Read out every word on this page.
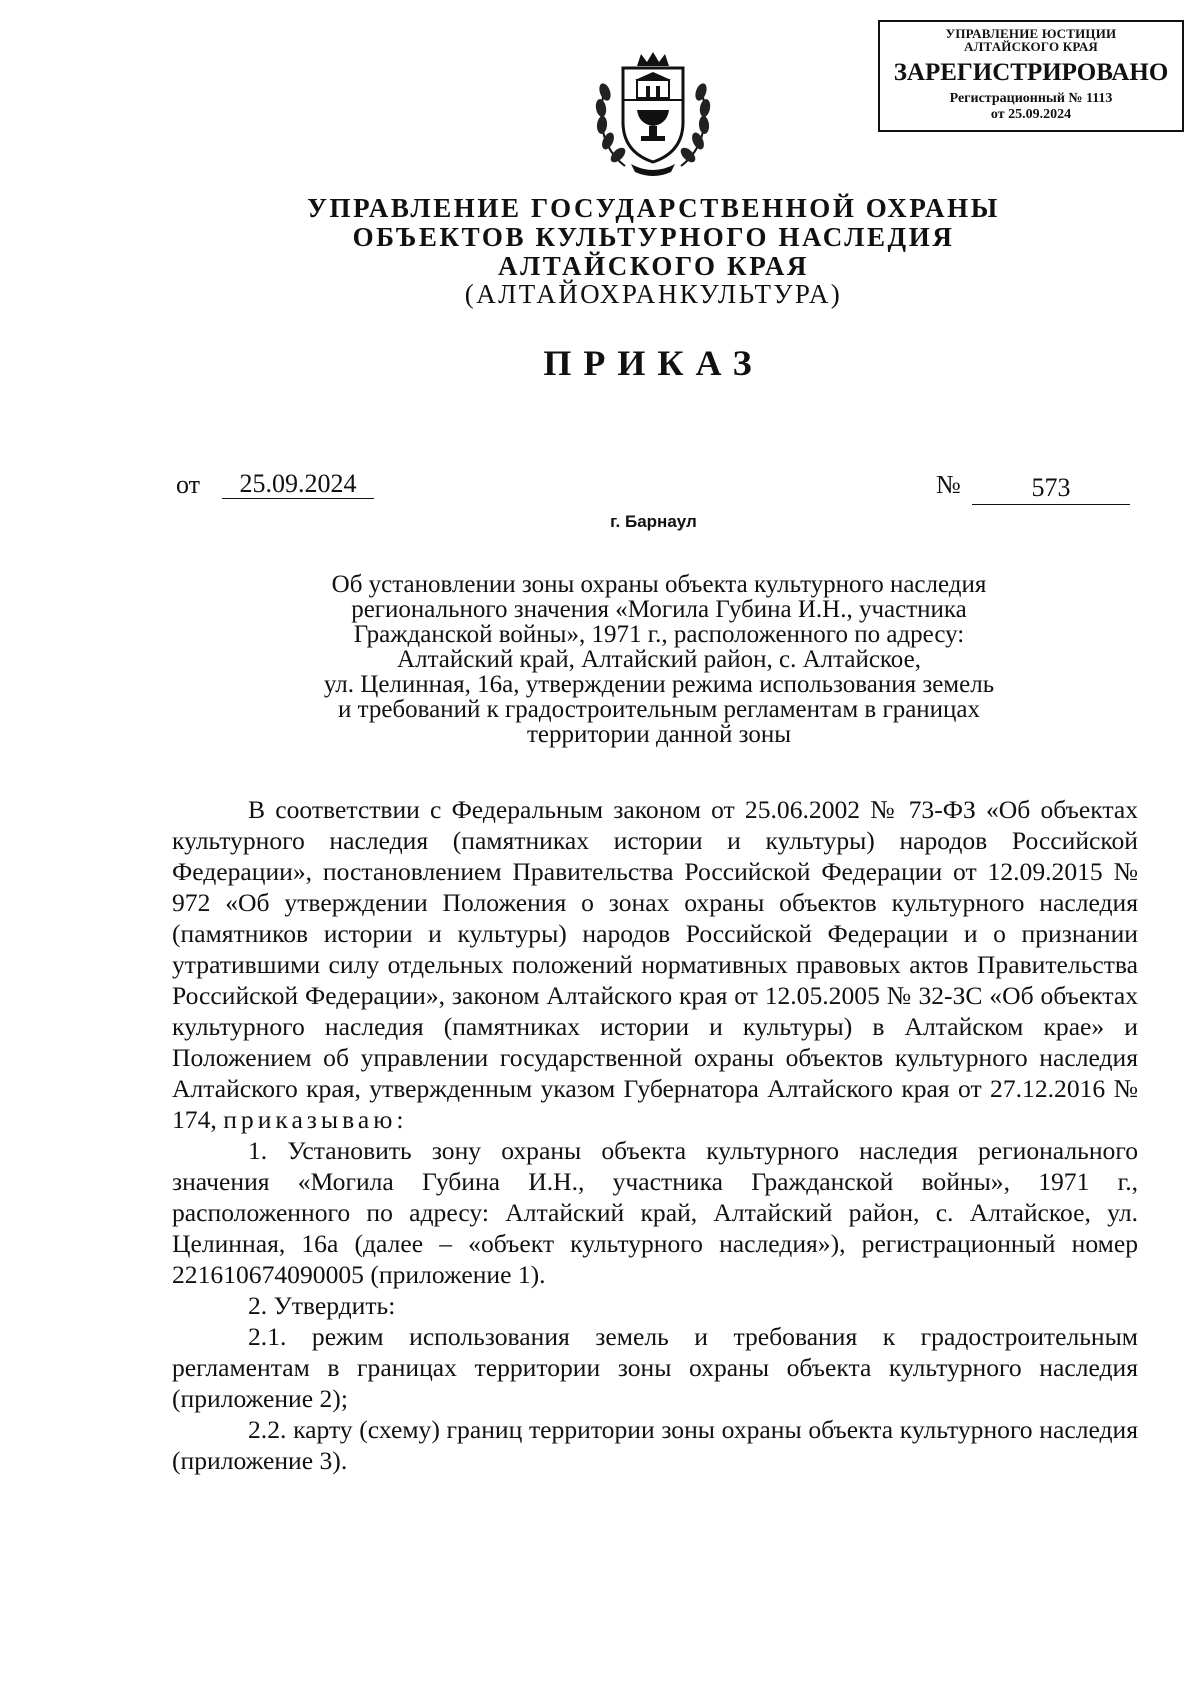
УПРАВЛЕНИЕ ЮСТИЦИИ
АЛТАЙСКОГО КРАЯ
ЗАРЕГИСТРИРОВАНО
Регистрационный № 1113
от 25.09.2024
УПРАВЛЕНИЕ ГОСУДАРСТВЕННОЙ ОХРАНЫ
ОБЪЕКТОВ КУЛЬТУРНОГО НАСЛЕДИЯ
АЛТАЙСКОГО КРАЯ
(АЛТАЙОХРАНКУЛЬТУРА)
ПРИКАЗ
от	25.09.2024	№	573
г. Барнаул
Об установлении зоны охраны объекта культурного наследия
регионального значения «Могила Губина И.Н., участника
Гражданской войны», 1971 г., расположенного по адресу:
Алтайский край, Алтайский район, с. Алтайское,
ул. Целинная, 16а, утверждении режима использования земель
и требований к градостроительным регламентам в границах
территории данной зоны

В соответствии с Федеральным законом от 25.06.2002 № 73-ФЗ «Об объектах культурного наследия (памятниках истории и культуры) народов Российской Федерации», постановлением Правительства Российской Федерации от 12.09.2015 № 972 «Об утверждении Положения о зонах охраны объектов культурного наследия (памятников истории и культуры) народов Российской Федерации и о признании утратившими силу отдельных положений нормативных правовых актов Правительства Российской Федерации», законом Алтайского края от 12.05.2005 № 32-ЗС «Об объектах культурного наследия (памятниках истории и культуры) в Алтайском крае» и Положением об управлении государственной охраны объектов культурного наследия Алтайского края, утвержденным указом Губернатора Алтайского края от 27.12.2016 № 174, приказываю:

1. Установить зону охраны объекта культурного наследия регионального значения «Могила Губина И.Н., участника Гражданской войны», 1971 г., расположенного по адресу: Алтайский край, Алтайский район, с. Алтайское, ул. Целинная, 16а (далее – «объект культурного наследия»), регистрационный номер 221610674090005 (приложение 1).

2. Утвердить:

2.1. режим использования земель и требования к градостроительным регламентам в границах территории зоны охраны объекта культурного наследия (приложение 2);

2.2. карту (схему) границ территории зоны охраны объекта культурного наследия (приложение 3).
